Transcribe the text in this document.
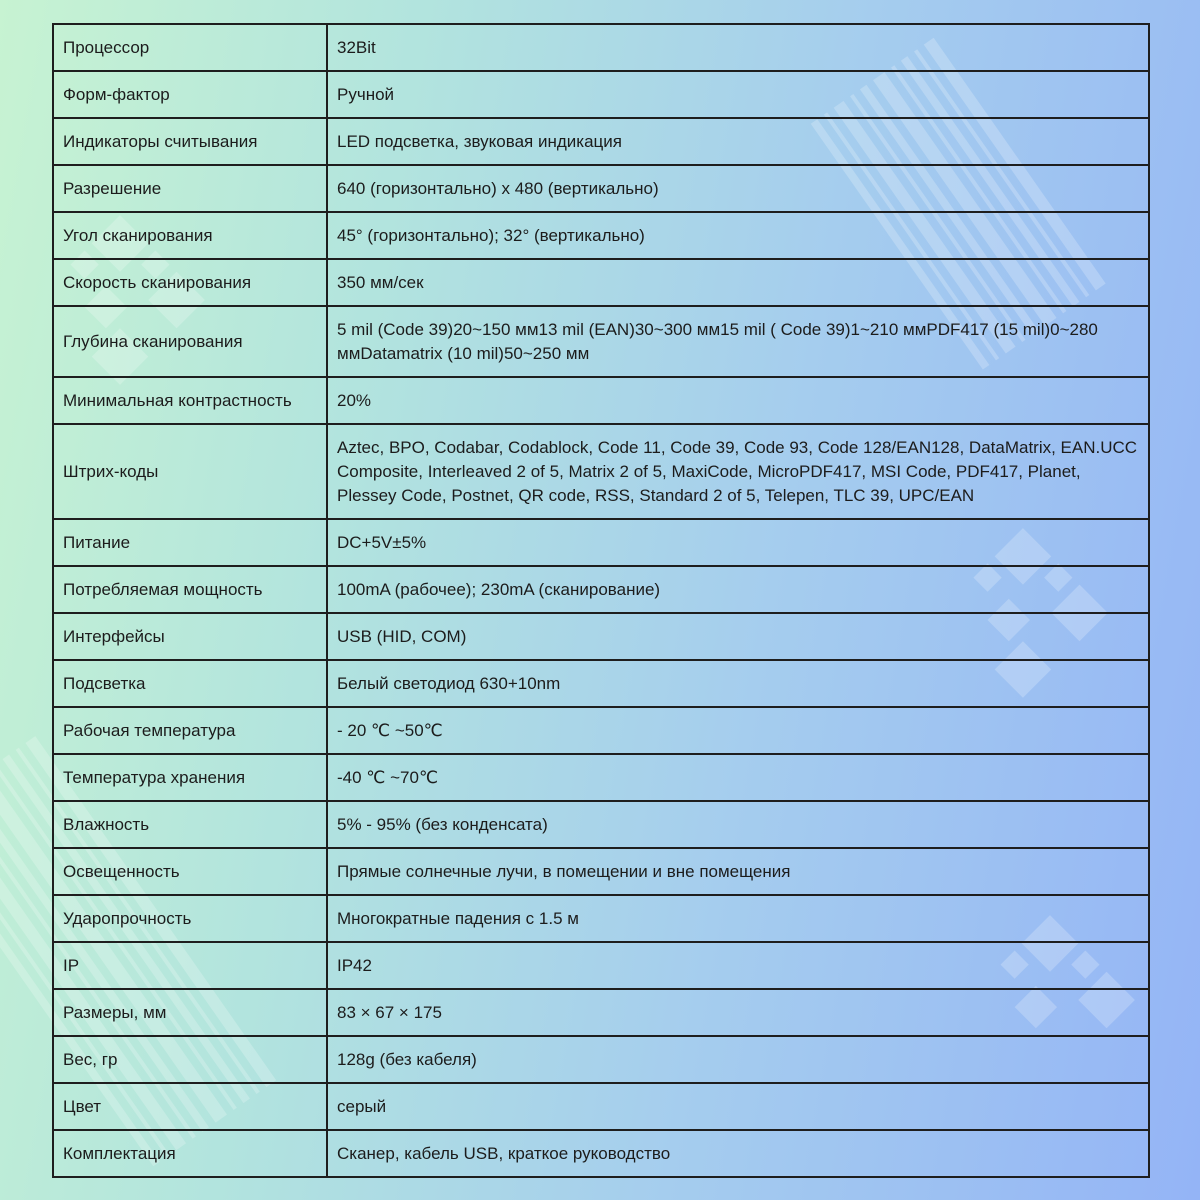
Процессор	32Bit
Форм-фактор	Ручной
Индикаторы считывания	LED подсветка, звуковая индикация
Разрешение	640 (горизонтально) x 480 (вертикально)
Угол сканирования	45° (горизонтально); 32° (вертикально)
Скорость сканирования	350 мм/сек
Глубина сканирования	5 mil (Code 39)20~150 мм13 mil (EAN)30~300 мм15 mil ( Code 39)1~210 ммPDF417 (15 mil)0~280 ммDatamatrix (10 mil)50~250 мм
Минимальная контрастность	20%
Штрих-коды	Aztec, BPO, Codabar, Codablock, Code 11, Code 39, Code 93, Code 128/EAN128, DataMatrix, EAN.UCC Composite, Interleaved 2 of 5, Matrix 2 of 5, MaxiCode, MicroPDF417, MSI Code, PDF417, Planet, Plessey Code, Postnet, QR code, RSS, Standard 2 of 5, Telepen, TLC 39, UPC/EAN
Питание	DC+5V±5%
Потребляемая мощность	100mA (рабочее); 230mA (сканирование)
Интерфейсы	USB (HID, COM)
Подсветка	Белый светодиод 630+10nm
Рабочая температура	- 20 ℃ ~50℃
Температура хранения	-40 ℃ ~70℃
Влажность	5% - 95% (без конденсата)
Освещенность	Прямые солнечные лучи, в помещении и вне помещения
Ударопрочность	Многократные падения с 1.5 м
IP	IP42
Размеры, мм	83 × 67 × 175
Вес, гр	128g (без кабеля)
Цвет	серый
Комплектация	Сканер, кабель USB, краткое руководство
